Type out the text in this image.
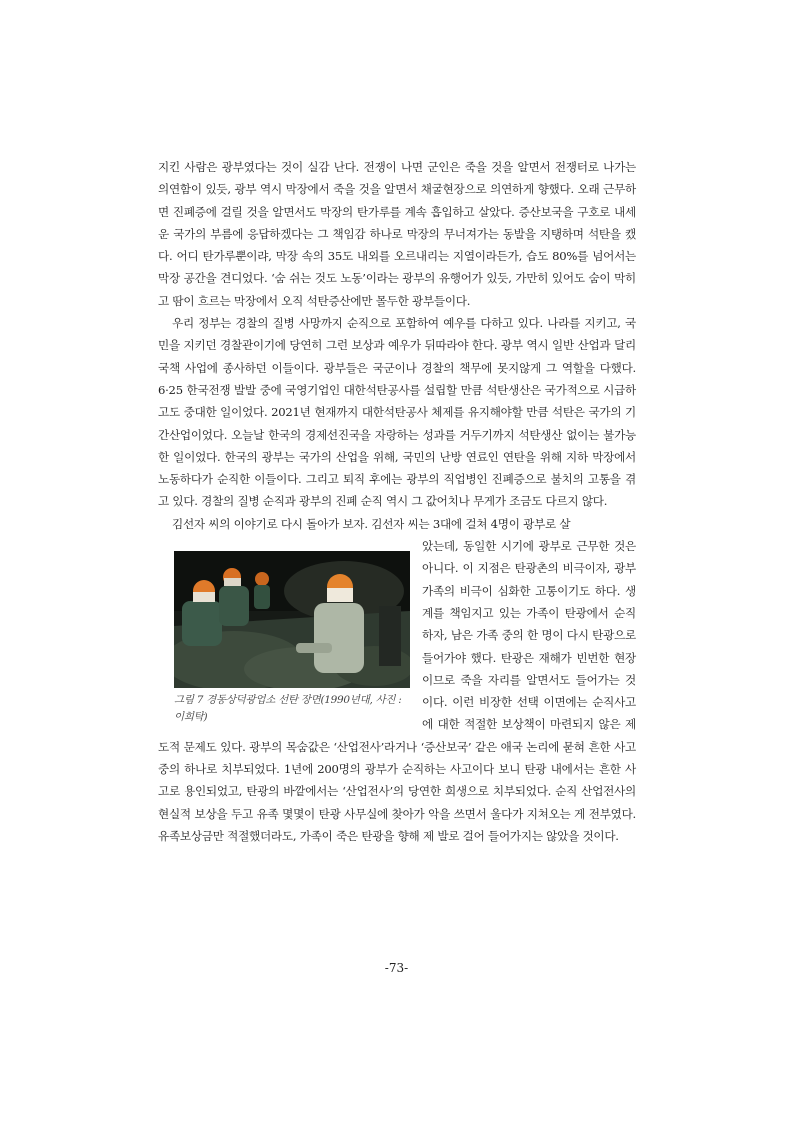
지킨 사람은 광부였다는 것이 실감 난다. 전쟁이 나면 군인은 죽을 것을 알면서 전쟁터로 나가는 의연함이 있듯, 광부 역시 막장에서 죽을 것을 알면서 채굴현장으로 의연하게 향했다. 오래 근무하면 진폐증에 걸릴 것을 알면서도 막장의 탄가루를 계속 흡입하고 살았다. 증산보국을 구호로 내세운 국가의 부름에 응답하겠다는 그 책임감 하나로 막장의 무너져가는 동발을 지탱하며 석탄을 캤다. 어디 탄가루뿐이랴, 막장 속의 35도 내외를 오르내리는 지열이라든가, 습도 80%를 넘어서는 막장 공간을 견디었다. ‘숨 쉬는 것도 노동’이라는 광부의 유행어가 있듯, 가만히 있어도 숨이 막히고 땀이 흐르는 막장에서 오직 석탄증산에만 몰두한 광부들이다.

우리 정부는 경찰의 질병 사망까지 순직으로 포함하여 예우를 다하고 있다. 나라를 지키고, 국민을 지키던 경찰관이기에 당연히 그런 보상과 예우가 뒤따라야 한다. 광부 역시 일반 산업과 달리 국책 사업에 종사하던 이들이다. 광부들은 국군이나 경찰의 책무에 못지않게 그 역할을 다했다. 6·25 한국전쟁 발발 중에 국영기업인 대한석탄공사를 설립할 만큼 석탄생산은 국가적으로 시급하고도 중대한 일이었다. 2021년 현재까지 대한석탄공사 체제를 유지해야할 만큼 석탄은 국가의 기간산업이었다. 오늘날 한국의 경제선진국을 자랑하는 성과를 거두기까지 석탄생산 없이는 불가능한 일이었다. 한국의 광부는 국가의 산업을 위해, 국민의 난방 연료인 연탄을 위해 지하 막장에서 노동하다가 순직한 이들이다. 그리고 퇴직 후에는 광부의 직업병인 진폐증으로 불치의 고통을 겪고 있다. 경찰의 질병 순직과 광부의 진폐 순직 역시 그 값어치나 무게가 조금도 다르지 않다.

김선자 씨의 이야기로 다시 돌아가 보자. 김선자 씨는 3대에 걸쳐 4명이 광부로 살

그림 7 경동상덕광업소 선탄 장면(1990년대, 사진 : 이희탁)

았는데, 동일한 시기에 광부로 근무한 것은 아니다. 이 지점은 탄광촌의 비극이자, 광부 가족의 비극이 심화한 고통이기도 하다. 생계를 책임지고 있는 가족이 탄광에서 순직하자, 남은 가족 중의 한 명이 다시 탄광으로 들어가야 했다. 탄광은 재해가 빈번한 현장이므로 죽을 자리를 알면서도 들어가는 것이다. 이런 비장한 선택 이면에는 순직사고에 대한 적절한 보상책이 마련되지 않은 제도적 문제도 있다. 광부의 목숨값은 ‘산업전사’라거나 ‘증산보국’ 같은 애국 논리에 묻혀 흔한 사고 중의 하나로 치부되었다. 1년에 200명의 광부가 순직하는 사고이다 보니 탄광 내에서는 흔한 사고로 용인되었고, 탄광의 바깥에서는 ‘산업전사’의 당연한 희생으로 치부되었다. 순직 산업전사의 현실적 보상을 두고 유족 몇몇이 탄광 사무실에 찾아가 악을 쓰면서 울다가 지쳐오는 게 전부였다. 유족보상금만 적절했더라도, 가족이 죽은 탄광을 향해 제 발로 걸어 들어가지는 않았을 것이다.

-73-
